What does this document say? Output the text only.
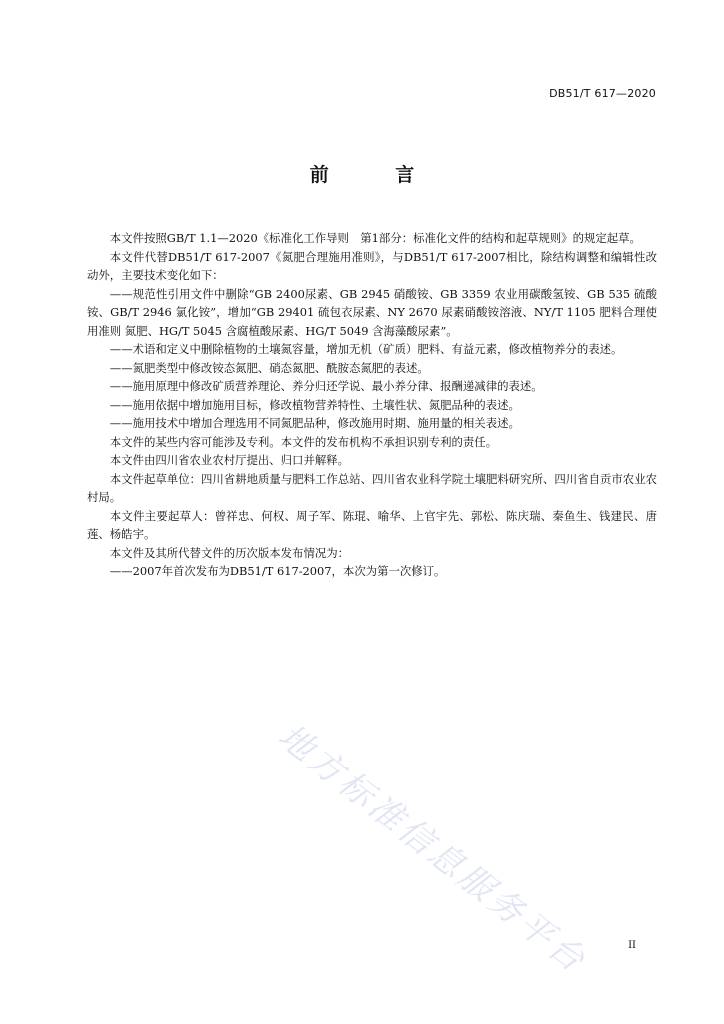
DB51/T 617—2020
前 言

本文件按照GB/T 1.1—2020《标准化工作导则　第1部分：标准化文件的结构和起草规则》的规定起草。

本文件代替DB51/T 617-2007《氮肥合理施用准则》，与DB51/T 617-2007相比，除结构调整和编辑性改动外，主要技术变化如下：

——规范性引用文件中删除“GB 2400尿素、GB 2945 硝酸铵、GB 3359 农业用碳酸氢铵、GB 535 硫酸铵、GB/T 2946 氯化铵”，增加“GB 29401 硫包衣尿素、NY 2670 尿素硝酸铵溶液、NY/T 1105 肥料合理使用准则 氮肥、HG/T 5045 含腐植酸尿素、HG/T 5049 含海藻酸尿素”。

——术语和定义中删除植物的土壤氮容量，增加无机（矿质）肥料、有益元素，修改植物养分的表述。

——氮肥类型中修改铵态氮肥、硝态氮肥、酰胺态氮肥的表述。

——施用原理中修改矿质营养理论、养分归还学说、最小养分律、报酬递减律的表述。

——施用依据中增加施用目标，修改植物营养特性、土壤性状、氮肥品种的表述。

——施用技术中增加合理选用不同氮肥品种，修改施用时期、施用量的相关表述。

本文件的某些内容可能涉及专利。本文件的发布机构不承担识别专利的责任。

本文件由四川省农业农村厅提出、归口并解释。

本文件起草单位：四川省耕地质量与肥料工作总站、四川省农业科学院土壤肥料研究所、四川省自贡市农业农村局。

本文件主要起草人：曾祥忠、何权、周子军、陈琨、喻华、上官宇先、郭松、陈庆瑞、秦鱼生、钱建民、唐莲、杨皓宇。

本文件及其所代替文件的历次版本发布情况为：

——2007年首次发布为DB51/T 617-2007，本次为第一次修订。

地方标准信息服务平台	II
